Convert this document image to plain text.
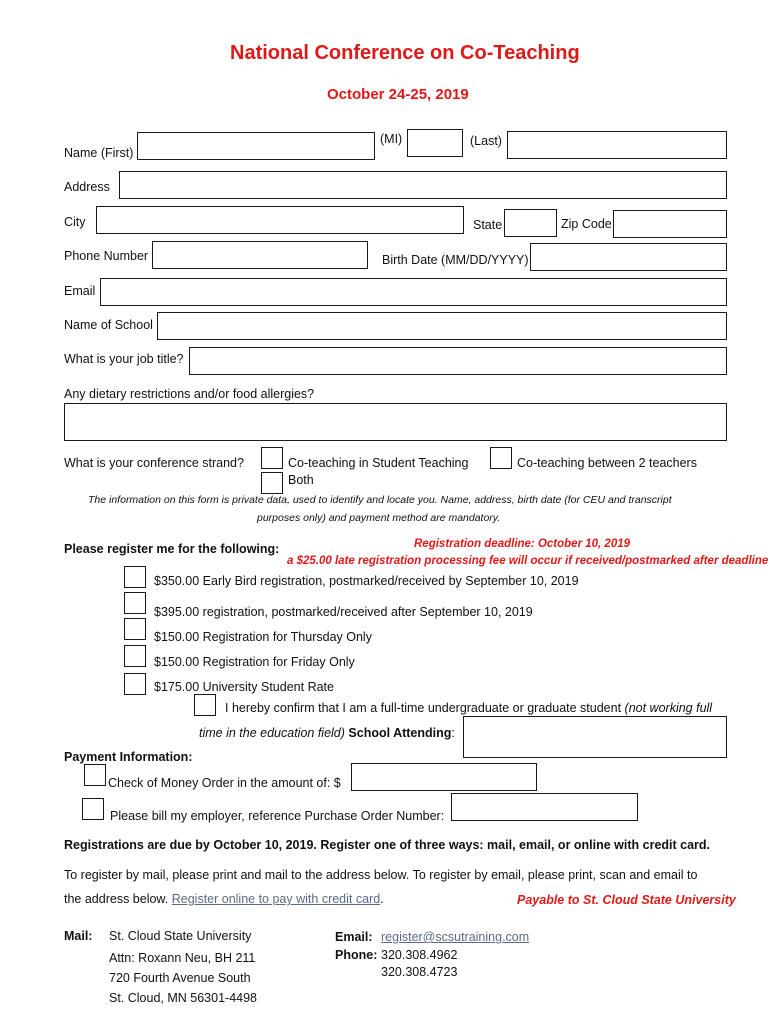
National Conference on Co-Teaching
October 24-25, 2019
Name (First)
(MI)	(Last)
Address
City	State	Zip Code
Phone Number	Birth Date (MM/DD/YYYY)
Email
Name of School
What is your job title?
Any dietary restrictions and/or food allergies?
What is your conference strand?	Co-teaching in Student Teaching	Co-teaching between 2 teachers
Both
The information on this form is private data, used to identify and locate you. Name, address, birth date (for CEU and transcript
purposes only) and payment method are mandatory.
Please register me for the following:	Registration deadline: October 10, 2019
a $25.00 late registration processing fee will occur if received/postmarked after deadline
$350.00 Early Bird registration, postmarked/received by September 10, 2019
$395.00 registration, postmarked/received after September 10, 2019
$150.00 Registration for Thursday Only
$150.00 Registration for Friday Only
$175.00 University Student Rate
I hereby confirm that I am a full-time undergraduate or graduate student (not working full
time in the education field) School Attending:
Payment Information:
Check of Money Order in the amount of: $
Please bill my employer, reference Purchase Order Number:
Registrations are due by October 10, 2019. Register one of three ways: mail, email, or online with credit card.
To register by mail, please print and mail to the address below. To register by email, please print, scan and email to
the address below. Register online to pay with credit card.	Payable to St. Cloud State University
Mail: St. Cloud State University
Attn: Roxann Neu, BH 211
720 Fourth Avenue South
St. Cloud, MN 56301-4498
Email: register@scsutraining.com
Phone: 320.308.4962
320.308.4723
